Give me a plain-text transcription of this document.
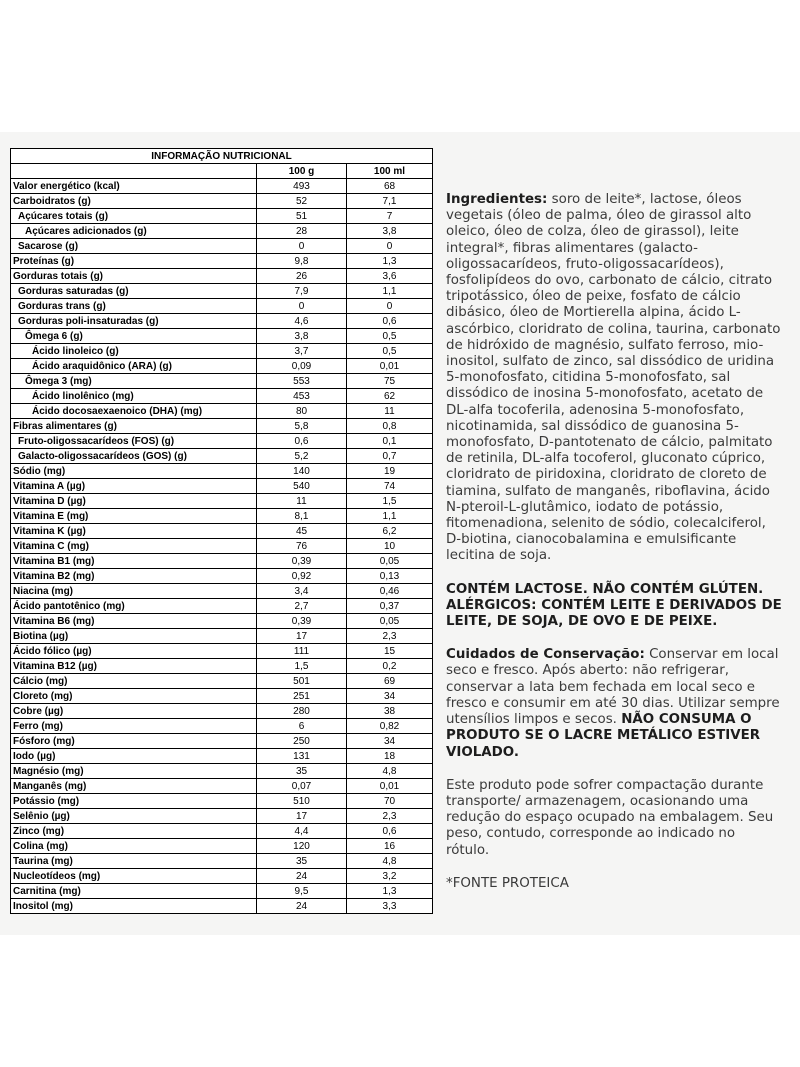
INFORMAÇÃO NUTRICIONAL		
	100 g	100 ml
Valor energético (kcal)	493	68
Carboidratos (g)	52	7,1
Açúcares totais (g)	51	7
Açúcares adicionados (g)	28	3,8
Sacarose (g)	0	0
Proteínas (g)	9,8	1,3
Gorduras totais (g)	26	3,6
Gorduras saturadas (g)	7,9	1,1
Gorduras trans (g)	0	0
Gorduras poli-insaturadas (g)	4,6	0,6
Ômega 6 (g)	3,8	0,5
Ácido linoleico (g)	3,7	0,5
Ácido araquidônico (ARA) (g)	0,09	0,01
Ômega 3 (mg)	553	75
Ácido linolênico (mg)	453	62
Ácido docosaexaenoico (DHA) (mg)	80	11
Fibras alimentares (g)	5,8	0,8
Fruto-oligossacarídeos (FOS) (g)	0,6	0,1
Galacto-oligossacarídeos (GOS) (g)	5,2	0,7
Sódio (mg)	140	19
Vitamina A (µg)	540	74
Vitamina D (µg)	11	1,5
Vitamina E (mg)	8,1	1,1
Vitamina K (µg)	45	6,2
Vitamina C (mg)	76	10
Vitamina B1 (mg)	0,39	0,05
Vitamina B2 (mg)	0,92	0,13
Niacina (mg)	3,4	0,46
Ácido pantotênico (mg)	2,7	0,37
Vitamina B6 (mg)	0,39	0,05
Biotina (µg)	17	2,3
Ácido fólico (µg)	111	15
Vitamina B12 (µg)	1,5	0,2
Cálcio (mg)	501	69
Cloreto (mg)	251	34
Cobre (µg)	280	38
Ferro (mg)	6	0,82
Fósforo (mg)	250	34
Iodo (µg)	131	18
Magnésio (mg)	35	4,8
Manganês (mg)	0,07	0,01
Potássio (mg)	510	70
Selênio (µg)	17	2,3
Zinco (mg)	4,4	0,6
Colina (mg)	120	16
Taurina (mg)	35	4,8
Nucleotídeos (mg)	24	3,2
Carnitina (mg)	9,5	1,3
Inositol (mg)	24	3,3

Ingredientes: soro de leite*, lactose, óleos vegetais (óleo de palma, óleo de girassol alto oleico, óleo de colza, óleo de girassol), leite integral*, fibras alimentares (galacto-oligossacarídeos, fruto-oligossacarídeos), fosfolipídeos do ovo, carbonato de cálcio, citrato tripotássico, óleo de peixe, fosfato de cálcio dibásico, óleo de Mortierella alpina, ácido L-ascórbico, cloridrato de colina, taurina, carbonato de hidróxido de magnésio, sulfato ferroso, mio-inositol, sulfato de zinco, sal dissódico de uridina 5-monofosfato, citidina 5-monofosfato, sal dissódico de inosina 5-monofosfato, acetato de DL-alfa tocoferila, adenosina 5-monofosfato, nicotinamida, sal dissódico de guanosina 5-monofosfato, D-pantotenato de cálcio, palmitato de retinila, DL-alfa tocoferol, gluconato cúprico, cloridrato de piridoxina, cloridrato de cloreto de tiamina, sulfato de manganês, riboflavina, ácido N-pteroil-L-glutâmico, iodato de potássio, fitomenadiona, selenito de sódio, colecalciferol, D-biotina, cianocobalamina e emulsificante lecitina de soja.

CONTÉM LACTOSE. NÃO CONTÉM GLÚTEN. ALÉRGICOS: CONTÉM LEITE E DERIVADOS DE LEITE, DE SOJA, DE OVO E DE PEIXE.

Cuidados de Conservação: Conservar em local seco e fresco. Após aberto: não refrigerar, conservar a lata bem fechada em local seco e fresco e consumir em até 30 dias. Utilizar sempre utensílios limpos e secos. NÃO CONSUMA O PRODUTO SE O LACRE METÁLICO ESTIVER VIOLADO.

Este produto pode sofrer compactação durante transporte/ armazenagem, ocasionando uma redução do espaço ocupado na embalagem. Seu peso, contudo, corresponde ao indicado no rótulo.

*FONTE PROTEICA
